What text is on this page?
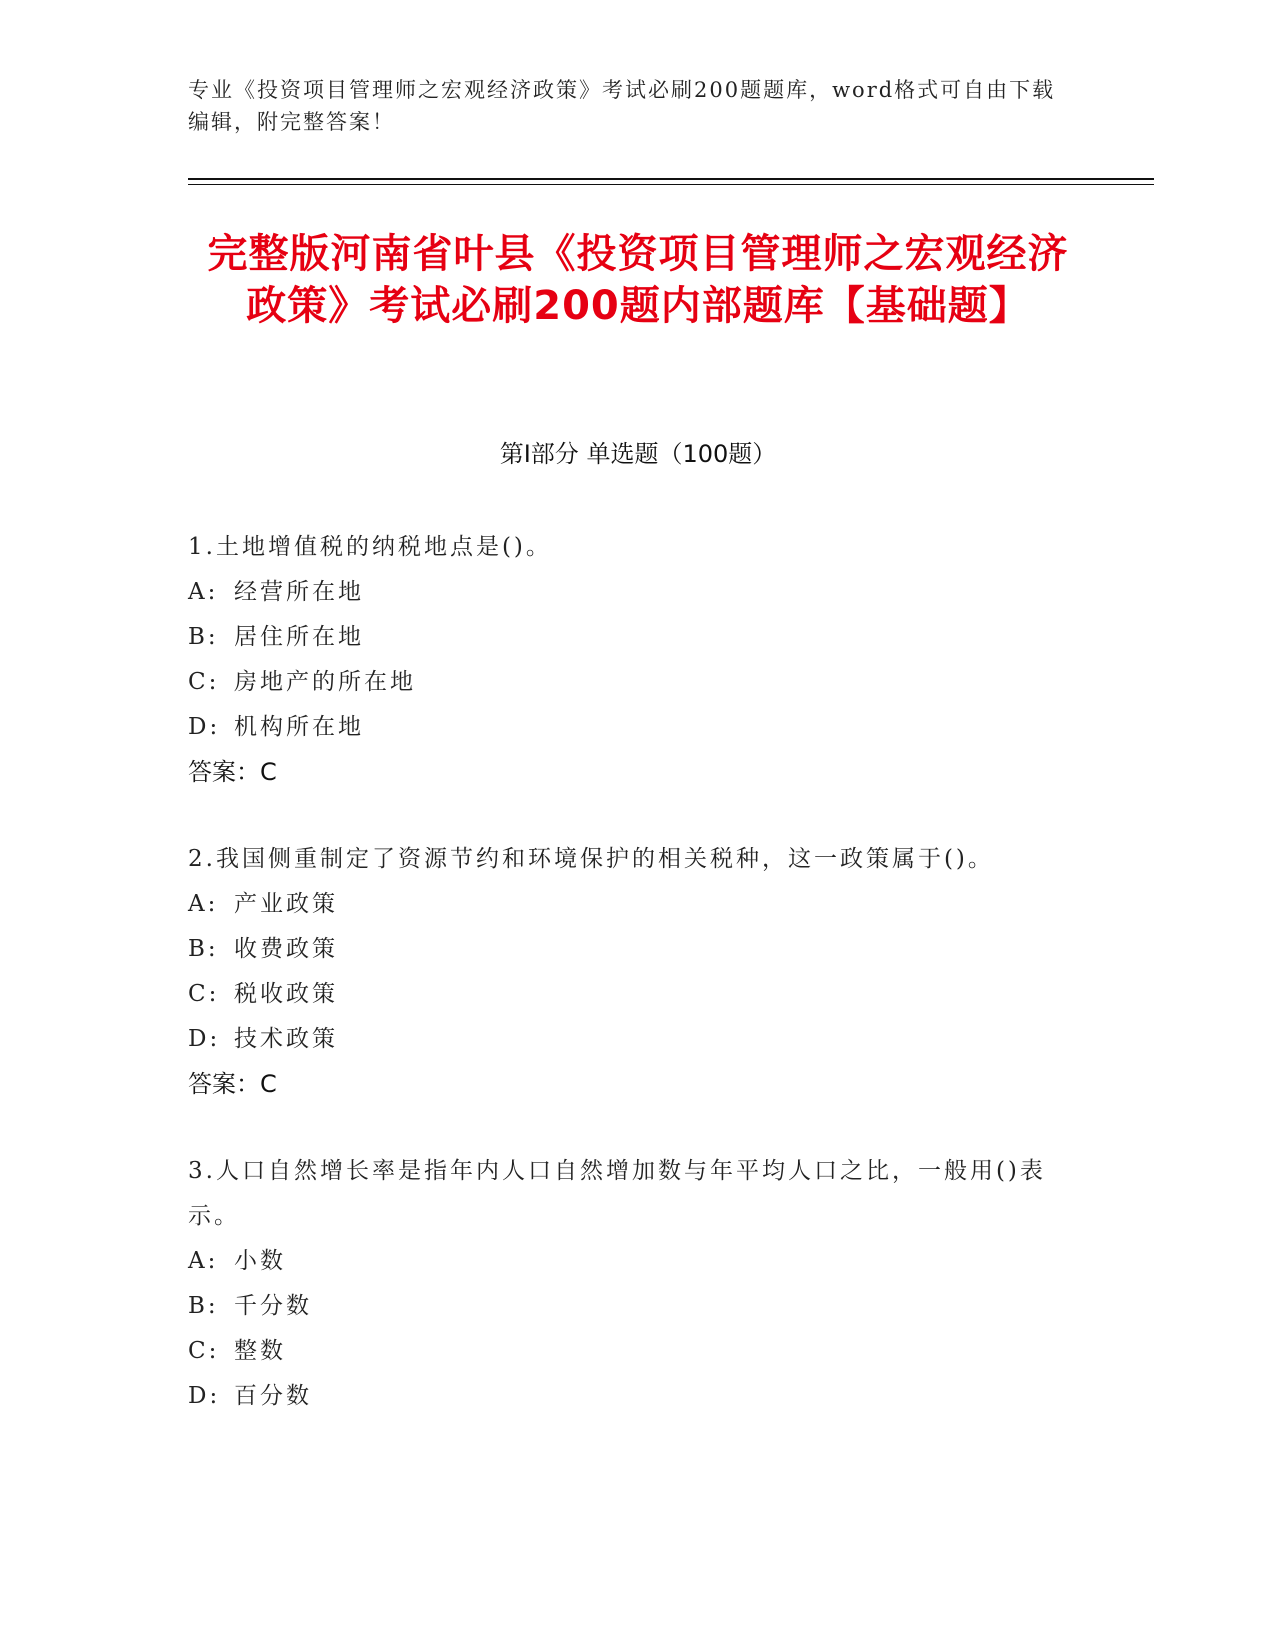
专业《投资项目管理师之宏观经济政策》考试必刷200题题库，word格式可自由下载编辑，附完整答案！
完整版河南省叶县《投资项目管理师之宏观经济政策》考试必刷200题内部题库【基础题】
第Ⅰ部分 单选题（100题）
1.土地增值税的纳税地点是()。
A: 经营所在地
B: 居住所在地
C: 房地产的所在地
D: 机构所在地
答案：C
2.我国侧重制定了资源节约和环境保护的相关税种，这一政策属于()。
A: 产业政策
B: 收费政策
C: 税收政策
D: 技术政策
答案：C
3.人口自然增长率是指年内人口自然增加数与年平均人口之比，一般用()表示。
A: 小数
B: 千分数
C: 整数
D: 百分数
